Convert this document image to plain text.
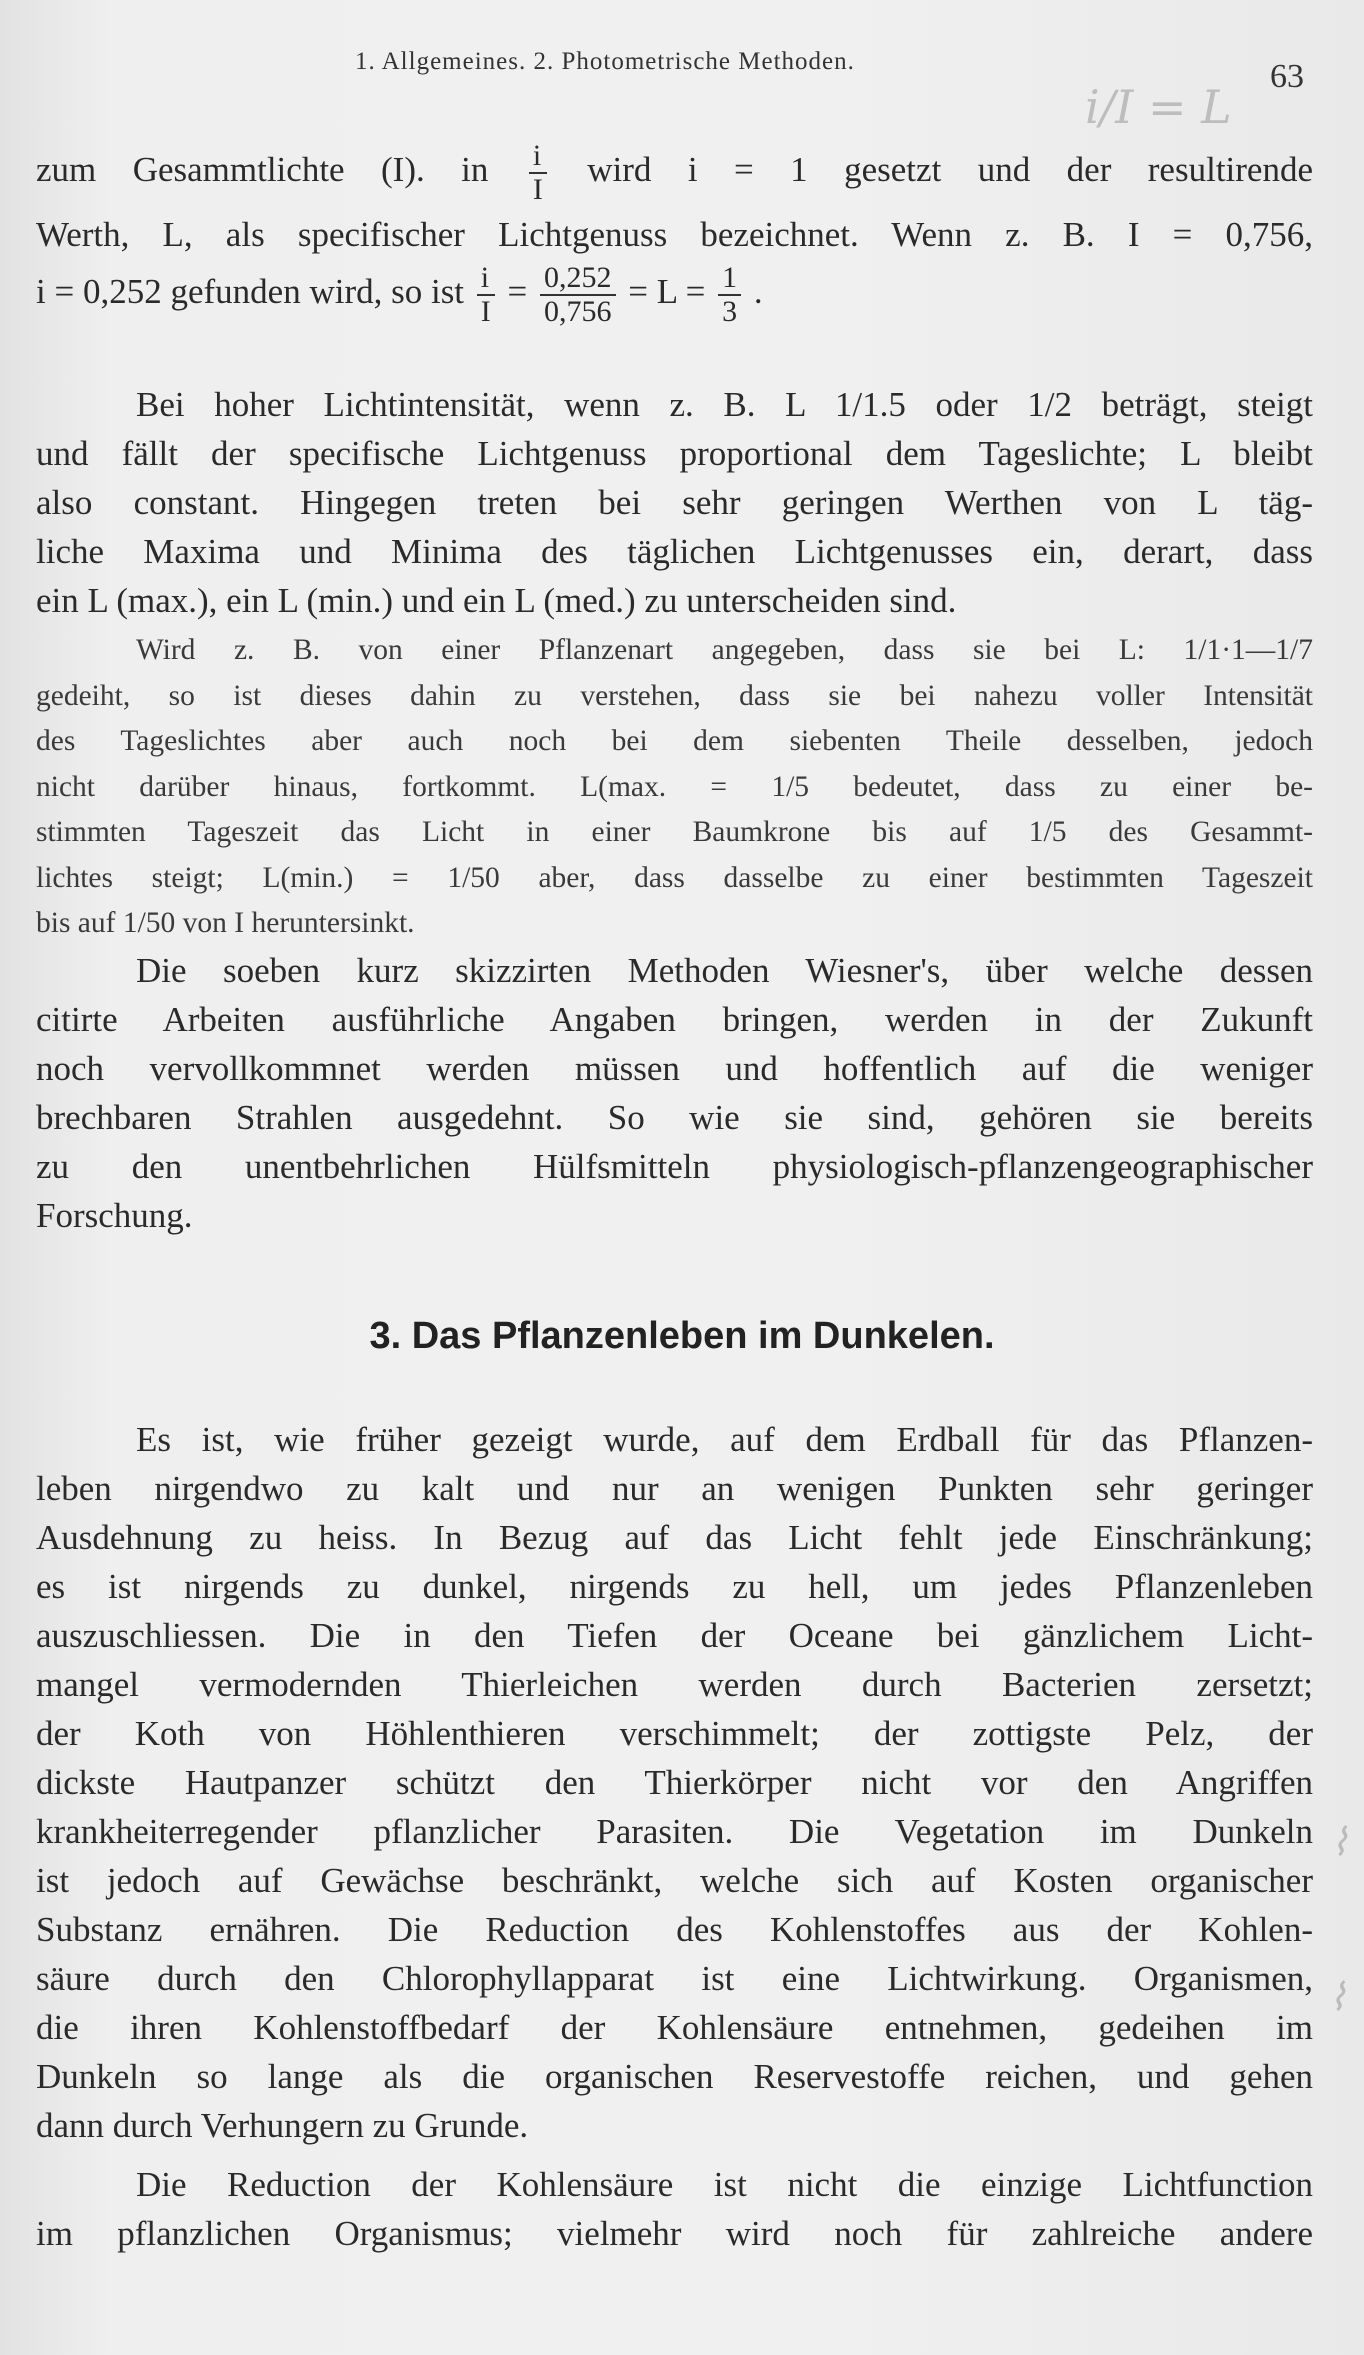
1. Allgemeines. 2. Photometrische Methoden.	63
i/I = L
zum Gesammtlichte (I). in $\frac{i}{I}$ wird i = 1 gesetzt und der resultirende
Werth, L, als specifischer Lichtgenuss bezeichnet. Wenn z. B. I = 0,756,
i = 0,252 gefunden wird, so ist $\frac{i}{I} = \frac{0,252}{0,756} = L = \frac{1}{3}$ .
Bei hoher Lichtintensität, wenn z. B. L 1/1.5 oder 1/2 beträgt, steigt
und fällt der specifische Lichtgenuss proportional dem Tageslichte; L bleibt
also constant. Hingegen treten bei sehr geringen Werthen von L täg-
liche Maxima und Minima des täglichen Lichtgenusses ein, derart, dass
ein L (max.), ein L (min.) und ein L (med.) zu unterscheiden sind.
Wird z. B. von einer Pflanzenart angegeben, dass sie bei L: 1/1·1—1/7
gedeiht, so ist dieses dahin zu verstehen, dass sie bei nahezu voller Intensität
des Tageslichtes aber auch noch bei dem siebenten Theile desselben, jedoch
nicht darüber hinaus, fortkommt. L(max. = 1/5 bedeutet, dass zu einer be-
stimmten Tageszeit das Licht in einer Baumkrone bis auf 1/5 des Gesammt-
lichtes steigt; L(min.) = 1/50 aber, dass dasselbe zu einer bestimmten Tageszeit
bis auf 1/50 von I heruntersinkt.
Die soeben kurz skizzirten Methoden Wiesner's, über welche dessen
citirte Arbeiten ausführliche Angaben bringen, werden in der Zukunft
noch vervollkommnet werden müssen und hoffentlich auf die weniger
brechbaren Strahlen ausgedehnt. So wie sie sind, gehören sie bereits
zu den unentbehrlichen Hülfsmitteln physiologisch-pflanzengeographischer
Forschung.
3. Das Pflanzenleben im Dunkelen.
Es ist, wie früher gezeigt wurde, auf dem Erdball für das Pflanzen-
leben nirgendwo zu kalt und nur an wenigen Punkten sehr geringer
Ausdehnung zu heiss. In Bezug auf das Licht fehlt jede Einschränkung;
es ist nirgends zu dunkel, nirgends zu hell, um jedes Pflanzenleben
auszuschliessen. Die in den Tiefen der Oceane bei gänzlichem Licht-
mangel vermodernden Thierleichen werden durch Bacterien zersetzt;
der Koth von Höhlenthieren verschimmelt; der zottigste Pelz, der
dickste Hautpanzer schützt den Thierkörper nicht vor den Angriffen
krankheiterregender pflanzlicher Parasiten. Die Vegetation im Dunkeln
ist jedoch auf Gewächse beschränkt, welche sich auf Kosten organischer
Substanz ernähren. Die Reduction des Kohlenstoffes aus der Kohlen-
säure durch den Chlorophyllapparat ist eine Lichtwirkung. Organismen,
die ihren Kohlenstoffbedarf der Kohlensäure entnehmen, gedeihen im
Dunkeln so lange als die organischen Reservestoffe reichen, und gehen
dann durch Verhungern zu Grunde.
Die Reduction der Kohlensäure ist nicht die einzige Lichtfunction
im pflanzlichen Organismus; vielmehr wird noch für zahlreiche andere
⌇
⌇
